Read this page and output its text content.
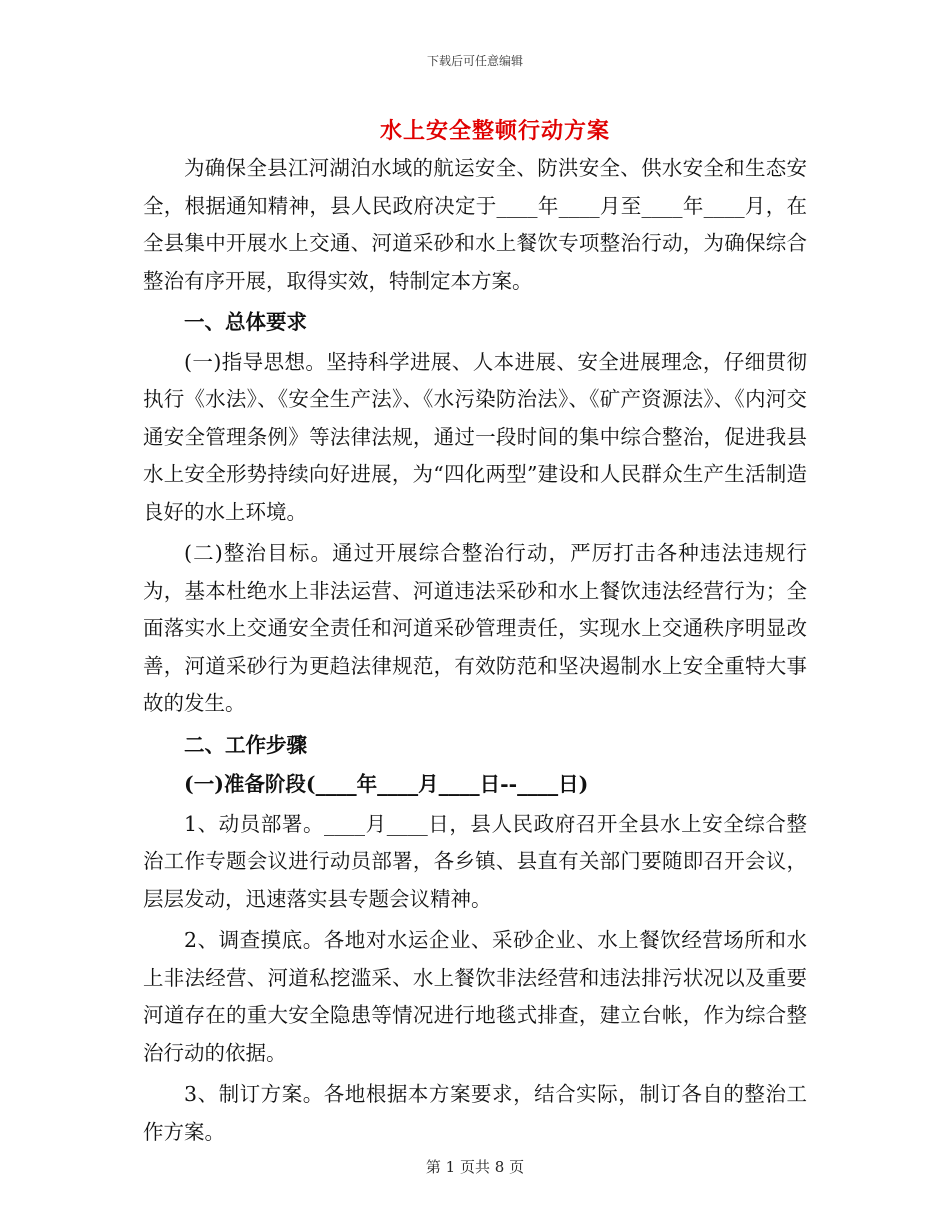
下载后可任意编辑
水上安全整顿行动方案

为确保全县江河湖泊水域的航运安全、防洪安全、供水安全和生态安全，根据通知精神，县人民政府决定于____年____月至____年____月，在全县集中开展水上交通、河道采砂和水上餐饮专项整治行动，为确保综合整治有序开展，取得实效，特制定本方案。

一、总体要求

(一)指导思想。坚持科学进展、人本进展、安全进展理念，仔细贯彻执行《水法》、《安全生产法》、《水污染防治法》、《矿产资源法》、《内河交通安全管理条例》等法律法规，通过一段时间的集中综合整治，促进我县水上安全形势持续向好进展，为“四化两型”建设和人民群众生产生活制造良好的水上环境。

(二)整治目标。通过开展综合整治行动，严厉打击各种违法违规行为，基本杜绝水上非法运营、河道违法采砂和水上餐饮违法经营行为；全面落实水上交通安全责任和河道采砂管理责任，实现水上交通秩序明显改善，河道采砂行为更趋法律规范，有效防范和坚决遏制水上安全重特大事故的发生。

二、工作步骤

(一)准备阶段(____年____月____日--____日)

1、动员部署。____月____日，县人民政府召开全县水上安全综合整治工作专题会议进行动员部署，各乡镇、县直有关部门要随即召开会议，层层发动，迅速落实县专题会议精神。

2、调查摸底。各地对水运企业、采砂企业、水上餐饮经营场所和水上非法经营、河道私挖滥采、水上餐饮非法经营和违法排污状况以及重要河道存在的重大安全隐患等情况进行地毯式排查，建立台帐，作为综合整治行动的依据。

3、制订方案。各地根据本方案要求，结合实际，制订各自的整治工作方案。

第 1 页共 8 页
